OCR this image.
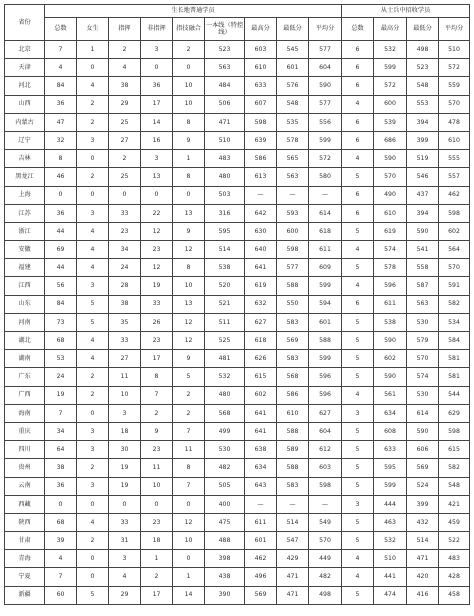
省份	生长地普通学员									从士兵中招收学员			
	总数	女生	指挥	非指挥	指技融合	一本线（特控线）	最高分	最低分	平均分	总数	最高分	最低分	平均分
北京	7	1	2	3	2	523	603	545	577	6	532	498	510
天津	4	0	4	0	0	563	610	601	604	6	599	523	572
河北	84	4	38	36	10	484	633	576	590	6	572	548	559
山西	36	2	29	17	10	506	607	548	577	4	600	553	570
内蒙古	47	2	25	14	8	471	598	535	556	6	539	394	478
辽宁	32	3	27	16	9	510	639	578	599	6	686	399	610
吉林	8	0	2	3	1	483	586	565	572	4	590	519	555
黑龙江	46	2	25	13	8	480	613	563	580	5	570	546	557
上海	0	0	0	0	0	503	—	—	—	6	490	437	462
江苏	36	3	33	22	13	316	642	593	614	6	610	394	598
浙江	44	4	23	12	9	595	630	600	618	5	619	590	602
安徽	69	4	34	23	12	514	640	598	611	4	574	541	564
福建	44	4	24	12	8	538	641	577	609	5	578	558	570
江西	56	3	28	19	10	520	619	588	599	4	596	587	591
山东	84	5	38	33	13	521	632	550	594	6	611	563	582
河南	73	5	35	26	12	511	627	583	601	5	538	530	534
湖北	68	4	33	23	12	525	618	569	588	5	590	579	584
湖南	53	4	27	17	9	481	626	583	599	5	602	570	581
广东	24	2	11	8	5	532	615	568	596	5	590	574	581
广西	19	2	10	7	2	480	602	586	596	4	561	530	544
海南	7	0	3	2	2	568	641	610	627	3	634	614	629
重庆	34	3	18	9	7	499	641	588	604	5	608	590	598
四川	64	3	30	23	11	530	638	589	612	5	633	606	615
贵州	38	2	19	11	8	482	634	588	603	5	595	569	582
云南	36	3	19	10	7	505	643	583	598	5	599	524	548
西藏	0	0	0	0	0	400	—	—	—	3	444	399	421
陕西	68	4	33	23	12	475	611	514	549	5	463	432	459
甘肃	39	2	31	18	10	488	601	547	570	5	532	514	522
青海	4	0	3	1	0	398	462	429	449	4	510	471	483
宁夏	7	0	4	2	1	438	496	471	482	4	441	420	428
新疆	60	5	29	17	14	390	569	471	498	5	474	416	458
